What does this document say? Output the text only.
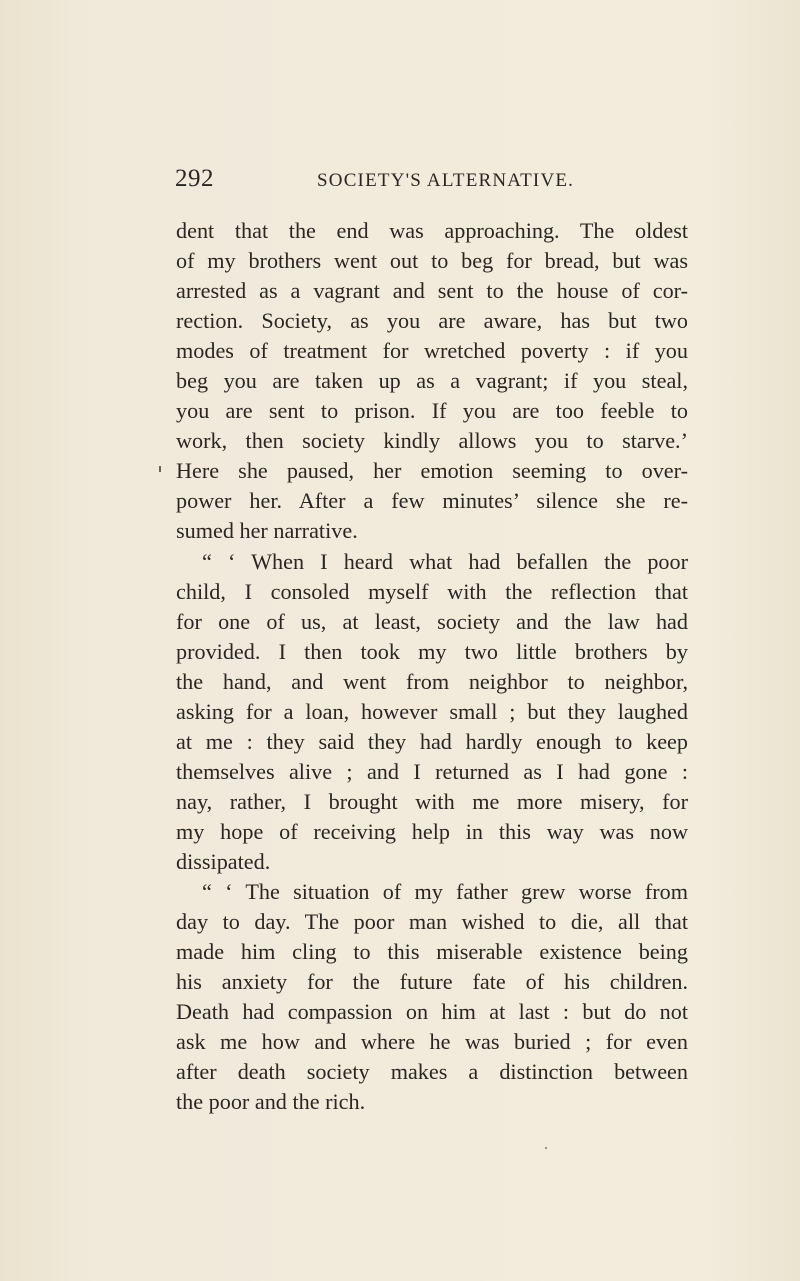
292	SOCIETY'S ALTERNATIVE.
dent that the end was approaching. The oldest
of my brothers went out to beg for bread, but was
arrested as a vagrant and sent to the house of cor-
rection. Society, as you are aware, has but two
modes of treatment for wretched poverty : if you
beg you are taken up as a vagrant; if you steal,
you are sent to prison. If you are too feeble to
work, then society kindly allows you to starve.’
Here she paused, her emotion seeming to over-
power her. After a few minutes’ silence she re-
sumed her narrative.
“ ‘ When I heard what had befallen the poor
child, I consoled myself with the reflection that
for one of us, at least, society and the law had
provided. I then took my two little brothers by
the hand, and went from neighbor to neighbor,
asking for a loan, however small ; but they laughed
at me : they said they had hardly enough to keep
themselves alive ; and I returned as I had gone :
nay, rather, I brought with me more misery, for
my hope of receiving help in this way was now
dissipated.
“ ‘ The situation of my father grew worse from
day to day. The poor man wished to die, all that
made him cling to this miserable existence being
his anxiety for the future fate of his children.
Death had compassion on him at last : but do not
ask me how and where he was buried ; for even
after death society makes a distinction between
the poor and the rich.
